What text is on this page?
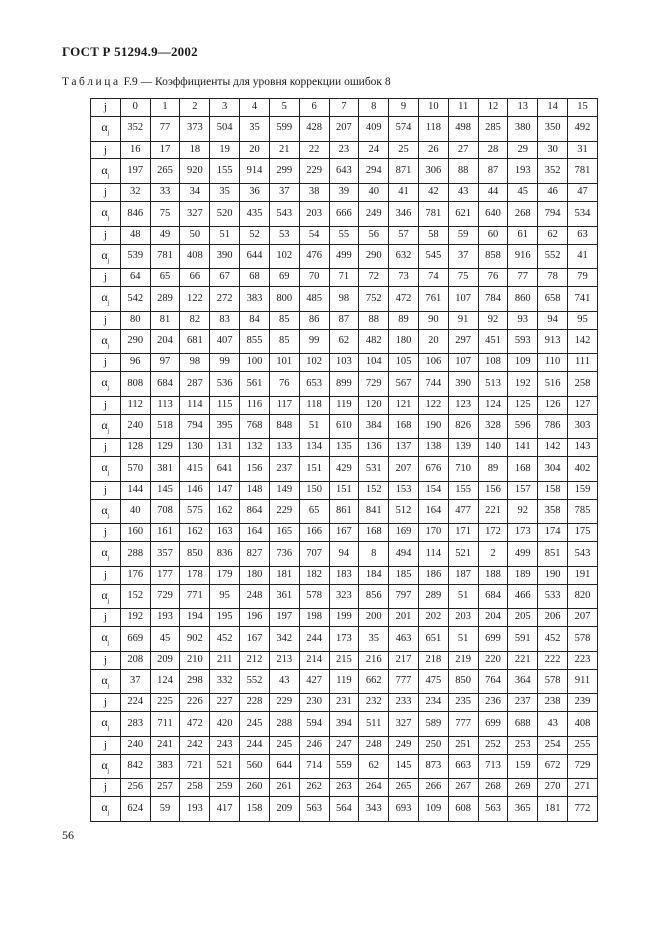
ГОСТ Р 51294.9—2002
Таблица F.9 — Коэффициенты для уровня коррекции ошибок 8
j	0	1	2	3	4	5	6	7	8	9	10	11	12	13	14	15
$\alpha_j$	352	77	373	504	35	599	428	207	409	574	118	498	285	380	350	492
j	16	17	18	19	20	21	22	23	24	25	26	27	28	29	30	31
$\alpha_j$	197	265	920	155	914	299	229	643	294	871	306	88	87	193	352	781
j	32	33	34	35	36	37	38	39	40	41	42	43	44	45	46	47
$\alpha_j$	846	75	327	520	435	543	203	666	249	346	781	621	640	268	794	534
j	48	49	50	51	52	53	54	55	56	57	58	59	60	61	62	63
$\alpha_j$	539	781	408	390	644	102	476	499	290	632	545	37	858	916	552	41
j	64	65	66	67	68	69	70	71	72	73	74	75	76	77	78	79
$\alpha_j$	542	289	122	272	383	800	485	98	752	472	761	107	784	860	658	741
j	80	81	82	83	84	85	86	87	88	89	90	91	92	93	94	95
$\alpha_j$	290	204	681	407	855	85	99	62	482	180	20	297	451	593	913	142
j	96	97	98	99	100	101	102	103	104	105	106	107	108	109	110	111
$\alpha_j$	808	684	287	536	561	76	653	899	729	567	744	390	513	192	516	258
j	112	113	114	115	116	117	118	119	120	121	122	123	124	125	126	127
$\alpha_j$	240	518	794	395	768	848	51	610	384	168	190	826	328	596	786	303
j	128	129	130	131	132	133	134	135	136	137	138	139	140	141	142	143
$\alpha_j$	570	381	415	641	156	237	151	429	531	207	676	710	89	168	304	402
j	144	145	146	147	148	149	150	151	152	153	154	155	156	157	158	159
$\alpha_j$	40	708	575	162	864	229	65	861	841	512	164	477	221	92	358	785
j	160	161	162	163	164	165	166	167	168	169	170	171	172	173	174	175
$\alpha_j$	288	357	850	836	827	736	707	94	8	494	114	521	2	499	851	543
j	176	177	178	179	180	181	182	183	184	185	186	187	188	189	190	191
$\alpha_j$	152	729	771	95	248	361	578	323	856	797	289	51	684	466	533	820
j	192	193	194	195	196	197	198	199	200	201	202	203	204	205	206	207
$\alpha_j$	669	45	902	452	167	342	244	173	35	463	651	51	699	591	452	578
j	208	209	210	211	212	213	214	215	216	217	218	219	220	221	222	223
$\alpha_j$	37	124	298	332	552	43	427	119	662	777	475	850	764	364	578	911
j	224	225	226	227	228	229	230	231	232	233	234	235	236	237	238	239
$\alpha_j$	283	711	472	420	245	288	594	394	511	327	589	777	699	688	43	408
j	240	241	242	243	244	245	246	247	248	249	250	251	252	253	254	255
$\alpha_j$	842	383	721	521	560	644	714	559	62	145	873	663	713	159	672	729
j	256	257	258	259	260	261	262	263	264	265	266	267	268	269	270	271
$\alpha_j$	624	59	193	417	158	209	563	564	343	693	109	608	563	365	181	772
56
